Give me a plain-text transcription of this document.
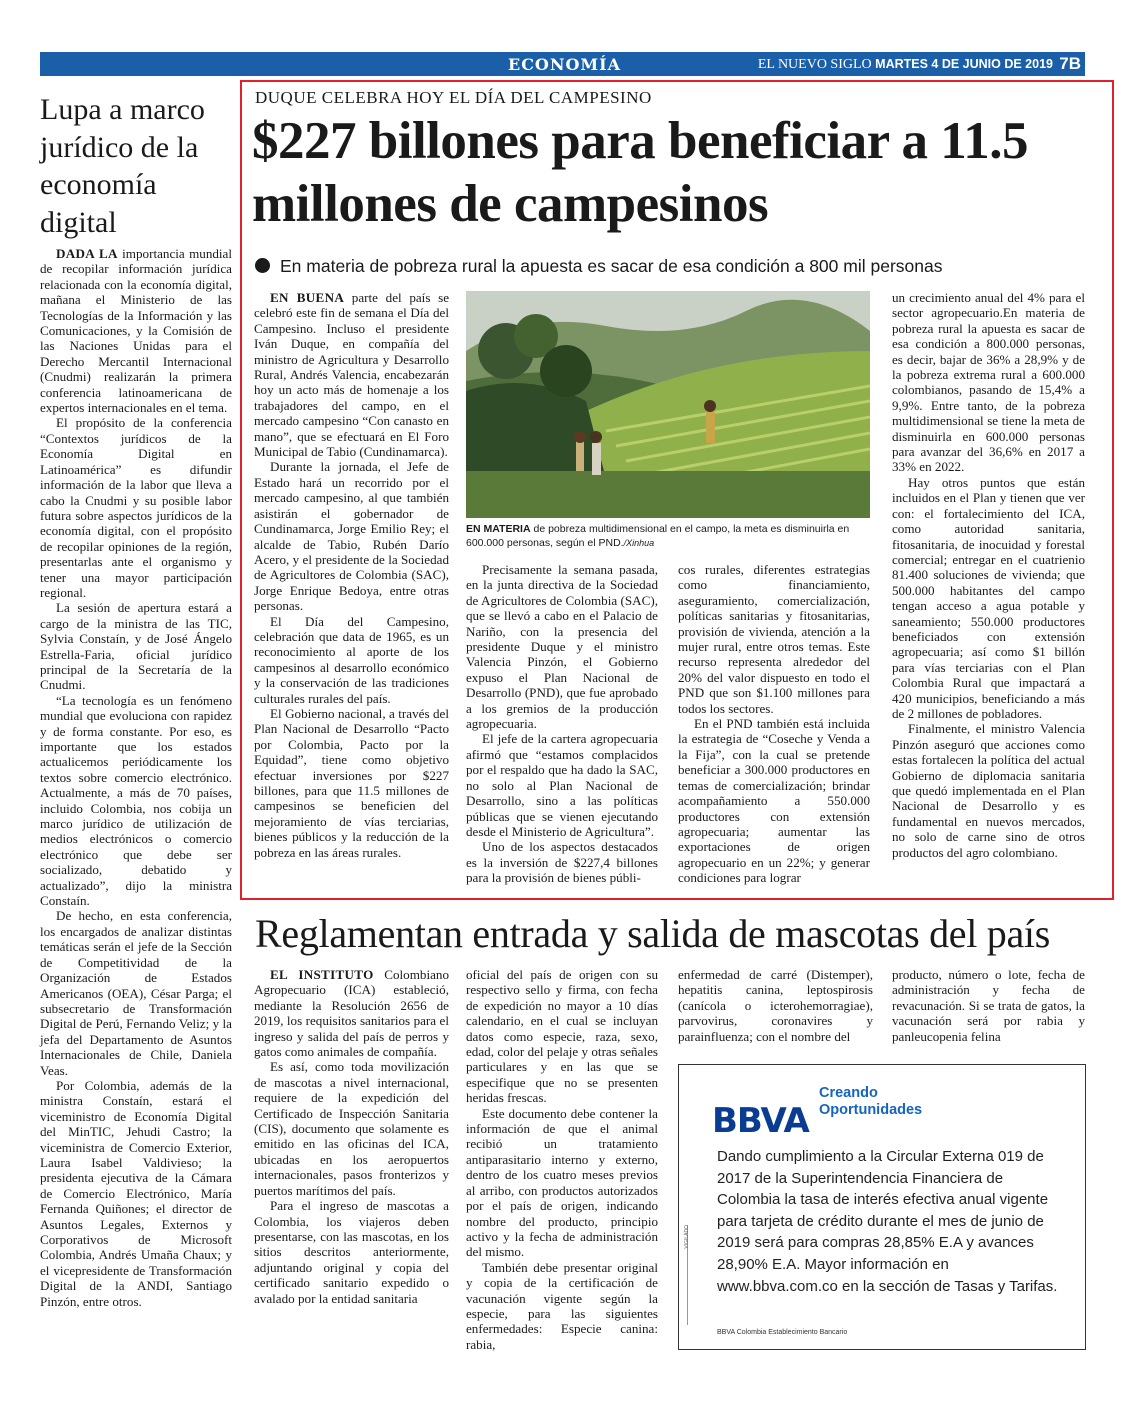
ECONOMÍA	EL NUEVO SIGLO MARTES 4 DE JUNIO DE 2019 7B
Lupa a marco jurídico de la economía digital

DADA LA importancia mundial de recopilar información jurídica relacionada con la economía digital, mañana el Ministerio de las Tecnologías de la Información y las Comunicaciones, y la Comisión de las Naciones Unidas para el Derecho Mercantil Internacional (Cnudmi) realizarán la primera conferencia latinoamericana de expertos internacionales en el tema.

El propósito de la conferencia “Contextos jurídicos de la Economía Digital en Latinoamérica” es difundir información de la labor que lleva a cabo la Cnudmi y su posible labor futura sobre aspectos jurídicos de la economía digital, con el propósito de recopilar opiniones de la región, presentarlas ante el organismo y tener una mayor participación regional.

La sesión de apertura estará a cargo de la ministra de las TIC, Sylvia Constaín, y de José Ángelo Estrella-Faria, oficial jurídico principal de la Secretaría de la Cnudmi.

“La tecnología es un fenómeno mundial que evoluciona con rapidez y de forma constante. Por eso, es importante que los estados actualicemos periódicamente los textos sobre comercio electrónico. Actualmente, a más de 70 países, incluido Colombia, nos cobija un marco jurídico de utilización de medios electrónicos o comercio electrónico que debe ser socializado, debatido y actualizado”, dijo la ministra Constaín.

De hecho, en esta conferencia, los encargados de analizar distintas temáticas serán el jefe de la Sección de Competitividad de la Organización de Estados Americanos (OEA), César Parga; el subsecretario de Transformación Digital de Perú, Fernando Veliz; y la jefa del Departamento de Asuntos Internacionales de Chile, Daniela Veas.

Por Colombia, además de la ministra Constaín, estará el viceministro de Economía Digital del MinTIC, Jehudi Castro; la viceministra de Comercio Exterior, Laura Isabel Valdivieso; la presidenta ejecutiva de la Cámara de Comercio Electrónico, María Fernanda Quiñones; el director de Asuntos Legales, Externos y Corporativos de Microsoft Colombia, Andrés Umaña Chaux; y el vicepresidente de Transformación Digital de la ANDI, Santiago Pinzón, entre otros.

DUQUE CELEBRA HOY EL DÍA DEL CAMPESINO
$227 billones para beneficiar a 11.5 millones de campesinos
En materia de pobreza rural la apuesta es sacar de esa condición a 800 mil personas

EN BUENA parte del país se celebró este fin de semana el Día del Campesino. Incluso el presidente Iván Duque, en compañía del ministro de Agricultura y Desarrollo Rural, Andrés Valencia, encabezarán hoy un acto más de homenaje a los trabajadores del campo, en el mercado campesino “Con canasto en mano”, que se efectuará en El Foro Municipal de Tabio (Cundinamarca).

Durante la jornada, el Jefe de Estado hará un recorrido por el mercado campesino, al que también asistirán el gobernador de Cundinamarca, Jorge Emilio Rey; el alcalde de Tabio, Rubén Darío Acero, y el presidente de la Sociedad de Agricultores de Colombia (SAC), Jorge Enrique Bedoya, entre otras personas.

El Día del Campesino, celebración que data de 1965, es un reconocimiento al aporte de los campesinos al desarrollo económico y la conservación de las tradiciones culturales rurales del país.

El Gobierno nacional, a través del Plan Nacional de Desarrollo “Pacto por Colombia, Pacto por la Equidad”, tiene como objetivo efectuar inversiones por $227 billones, para que 11.5 millones de campesinos se beneficien del mejoramiento de vías terciarias, bienes públicos y la reducción de la pobreza en las áreas rurales.

EN MATERIA de pobreza multidimensional en el campo, la meta es disminuirla en 600.000 personas, según el PND./Xinhua

Precisamente la semana pasada, en la junta directiva de la Sociedad de Agricultores de Colombia (SAC), que se llevó a cabo en el Palacio de Nariño, con la presencia del presidente Duque y el ministro Valencia Pinzón, el Gobierno expuso el Plan Nacional de Desarrollo (PND), que fue aprobado a los gremios de la producción agropecuaria.

El jefe de la cartera agropecuaria afirmó que “estamos complacidos por el respaldo que ha dado la SAC, no solo al Plan Nacional de Desarrollo, sino a las políticas públicas que se vienen ejecutando desde el Ministerio de Agricultura”.

Uno de los aspectos destacados es la inversión de $227,4 billones para la provisión de bienes públi-

cos rurales, diferentes estrategias como financiamiento, aseguramiento, comercialización, políticas sanitarias y fitosanitarias, provisión de vivienda, atención a la mujer rural, entre otros temas. Este recurso representa alrededor del 20% del valor dispuesto en todo el PND que son $1.100 millones para todos los sectores.

En el PND también está incluida la estrategia de “Coseche y Venda a la Fija”, con la cual se pretende beneficiar a 300.000 productores en temas de comercialización; brindar acompañamiento a 550.000 productores con extensión agropecuaria; aumentar las exportaciones de origen agropecuario en un 22%; y generar condiciones para lograr

un crecimiento anual del 4% para el sector agropecuario.En materia de pobreza rural la apuesta es sacar de esa condición a 800.000 personas, es decir, bajar de 36% a 28,9% y de la pobreza extrema rural a 600.000 colombianos, pasando de 15,4% a 9,9%. Entre tanto, de la pobreza multidimensional se tiene la meta de disminuirla en 600.000 personas para avanzar del 36,6% en 2017 a 33% en 2022.

Hay otros puntos que están incluidos en el Plan y tienen que ver con: el fortalecimiento del ICA, como autoridad sanitaria, fitosanitaria, de inocuidad y forestal comercial; entregar en el cuatrienio 81.400 soluciones de vivienda; que 500.000 habitantes del campo tengan acceso a agua potable y saneamiento; 550.000 productores beneficiados con extensión agropecuaria; así como $1 billón para vías terciarias con el Plan Colombia Rural que impactará a 420 municipios, beneficiando a más de 2 millones de pobladores.

Finalmente, el ministro Valencia Pinzón aseguró que acciones como estas fortalecen la política del actual Gobierno de diplomacia sanitaria que quedó implementada en el Plan Nacional de Desarrollo y es fundamental en nuevos mercados, no solo de carne sino de otros productos del agro colombiano.

Reglamentan entrada y salida de mascotas del país

EL INSTITUTO Colombiano Agropecuario (ICA) estableció, mediante la Resolución 2656 de 2019, los requisitos sanitarios para el ingreso y salida del país de perros y gatos como animales de compañía.

Es así, como toda movilización de mascotas a nivel internacional, requiere de la expedición del Certificado de Inspección Sanitaria (CIS), documento que solamente es emitido en las oficinas del ICA, ubicadas en los aeropuertos internacionales, pasos fronterizos y puertos marítimos del país.

Para el ingreso de mascotas a Colombia, los viajeros deben presentarse, con las mascotas, en los sitios descritos anteriormente, adjuntando original y copia del certificado sanitario expedido o avalado por la entidad sanitaria

oficial del país de origen con su respectivo sello y firma, con fecha de expedición no mayor a 10 días calendario, en el cual se incluyan datos como especie, raza, sexo, edad, color del pelaje y otras señales particulares y en las que se especifique que no se presenten heridas frescas.

Este documento debe contener la información de que el animal recibió un tratamiento antiparasitario interno y externo, dentro de los cuatro meses previos al arribo, con productos autorizados por el país de origen, indicando nombre del producto, principio activo y la fecha de administración del mismo.

También debe presentar original y copia de la certificación de vacunación vigente según la especie, para las siguientes enfermedades: Especie canina: rabia,

enfermedad de carré (Distemper), hepatitis canina, leptospirosis (canícola o icterohemorragiae), parvovirus, coronavires y parainfluenza; con el nombre del

producto, número o lote, fecha de administración y fecha de revacunación. Si se trata de gatos, la vacunación será por rabia y panleucopenia felina

BBVA
Creando
Oportunidades
Dando cumplimiento a la Circular Externa 019 de 2017 de la Superintendencia Financiera de Colombia la tasa de interés efectiva anual vigente para tarjeta de crédito durante el mes de junio de 2019 será para compras 28,85% E.A y avances 28,90% E.A. Mayor información en www.bbva.com.co en la sección de Tasas y Tarifas.
VIGILADO
BBVA Colombia Establecimiento Bancario
